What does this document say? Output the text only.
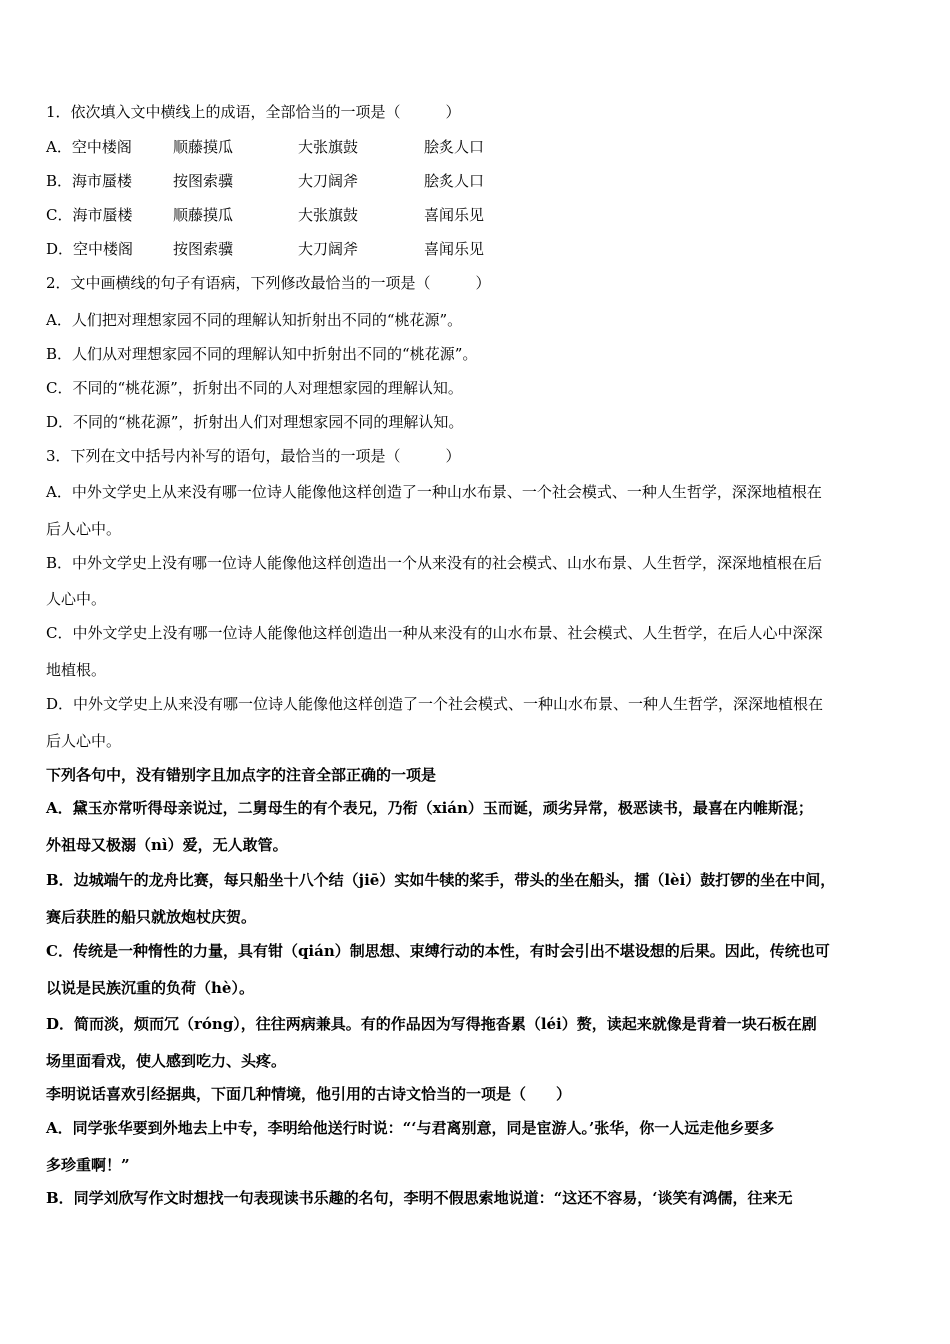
1．依次填入文中横线上的成语，全部恰当的一项是（　　　）
A．空中楼阁	顺藤摸瓜	大张旗鼓	脍炙人口
B．海市蜃楼	按图索骥	大刀阔斧	脍炙人口
C．海市蜃楼	顺藤摸瓜	大张旗鼓	喜闻乐见
D．空中楼阁	按图索骥	大刀阔斧	喜闻乐见
2．文中画横线的句子有语病，下列修改最恰当的一项是（　　　）
A．人们把对理想家园不同的理解认知折射出不同的“桃花源”。
B．人们从对理想家园不同的理解认知中折射出不同的“桃花源”。
C．不同的“桃花源”，折射出不同的人对理想家园的理解认知。
D．不同的“桃花源”，折射出人们对理想家园不同的理解认知。
3．下列在文中括号内补写的语句，最恰当的一项是（　　　）
A．中外文学史上从来没有哪一位诗人能像他这样创造了一种山水布景、一个社会模式、一种人生哲学，深深地植根在
后人心中。
B．中外文学史上没有哪一位诗人能像他这样创造出一个从来没有的社会模式、山水布景、人生哲学，深深地植根在后
人心中。
C．中外文学史上没有哪一位诗人能像他这样创造出一种从来没有的山水布景、社会模式、人生哲学，在后人心中深深
地植根。
D．中外文学史上从来没有哪一位诗人能像他这样创造了一个社会模式、一种山水布景、一种人生哲学，深深地植根在
后人心中。
下列各句中，没有错别字且加点字的注音全部正确的一项是
A．黛玉亦常听得母亲说过，二舅母生的有个表兄，乃衔（xián）玉而诞，顽劣异常，极恶读书，最喜在内帷斯混；
外祖母又极溺（nì）爱，无人敢管。
B．边城端午的龙舟比赛，每只船坐十八个结（jiē）实如牛犊的桨手，带头的坐在船头，擂（lèi）鼓打锣的坐在中间，
赛后获胜的船只就放炮杖庆贺。
C．传统是一种惰性的力量，具有钳（qián）制思想、束缚行动的本性，有时会引出不堪设想的后果。因此，传统也可
以说是民族沉重的负荷（hè）。
D．简而淡，烦而冗（róng），往往两病兼具。有的作品因为写得拖沓累（léi）赘，读起来就像是背着一块石板在剧
场里面看戏，使人感到吃力、头疼。
李明说话喜欢引经据典，下面几种情境，他引用的古诗文恰当的一项是（　　）
A．同学张华要到外地去上中专，李明给他送行时说：“‘与君离别意，同是宦游人。’张华，你一人远走他乡要多
多珍重啊！”
B．同学刘欣写作文时想找一句表现读书乐趣的名句，李明不假思索地说道：“这还不容易，‘谈笑有鸿儒，往来无
